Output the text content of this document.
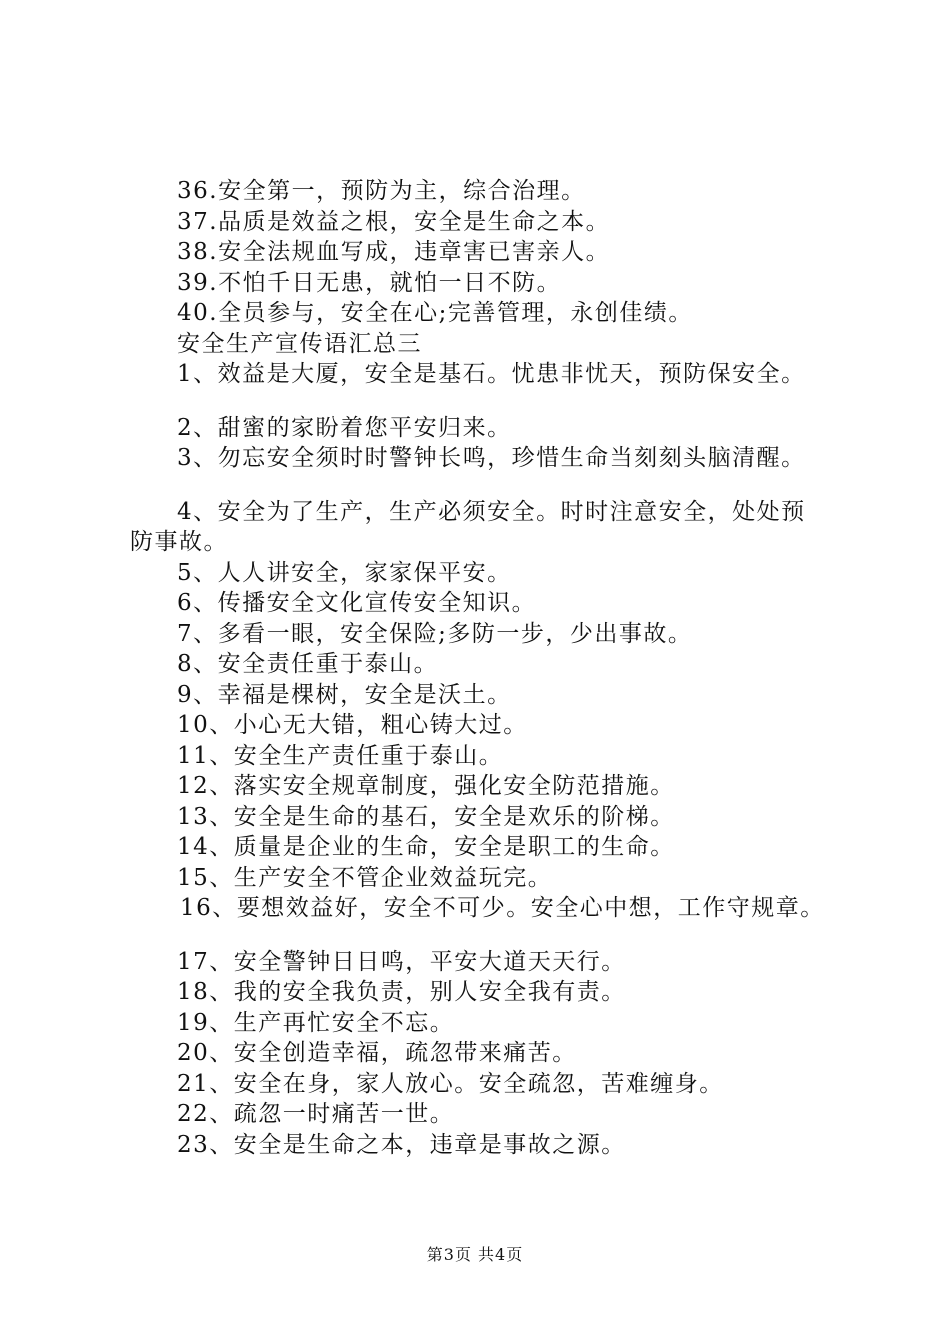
36.安全第一，预防为主，综合治理。
37.品质是效益之根，安全是生命之本。
38.安全法规血写成，违章害已害亲人。
39.不怕千日无患，就怕一日不防。
40.全员参与，安全在心;完善管理，永创佳绩。
安全生产宣传语汇总三
1、效益是大厦，安全是基石。忧患非忧天，预防保安全。
2、甜蜜的家盼着您平安归来。
3、勿忘安全须时时警钟长鸣，珍惜生命当刻刻头脑清醒。
4、安全为了生产，生产必须安全。时时注意安全，处处预
防事故。
5、人人讲安全，家家保平安。
6、传播安全文化宣传安全知识。
7、多看一眼，安全保险;多防一步，少出事故。
8、安全责任重于泰山。
9、幸福是棵树，安全是沃土。
10、小心无大错，粗心铸大过。
11、安全生产责任重于泰山。
12、落实安全规章制度，强化安全防范措施。
13、安全是生命的基石，安全是欢乐的阶梯。
14、质量是企业的生命，安全是职工的生命。
15、生产安全不管企业效益玩完。
16、要想效益好，安全不可少。安全心中想，工作守规章。
17、安全警钟日日鸣，平安大道天天行。
18、我的安全我负责，别人安全我有责。
19、生产再忙安全不忘。
20、安全创造幸福，疏忽带来痛苦。
21、安全在身，家人放心。安全疏忽，苦难缠身。
22、疏忽一时痛苦一世。
23、安全是生命之本，违章是事故之源。
第3页 共4页
